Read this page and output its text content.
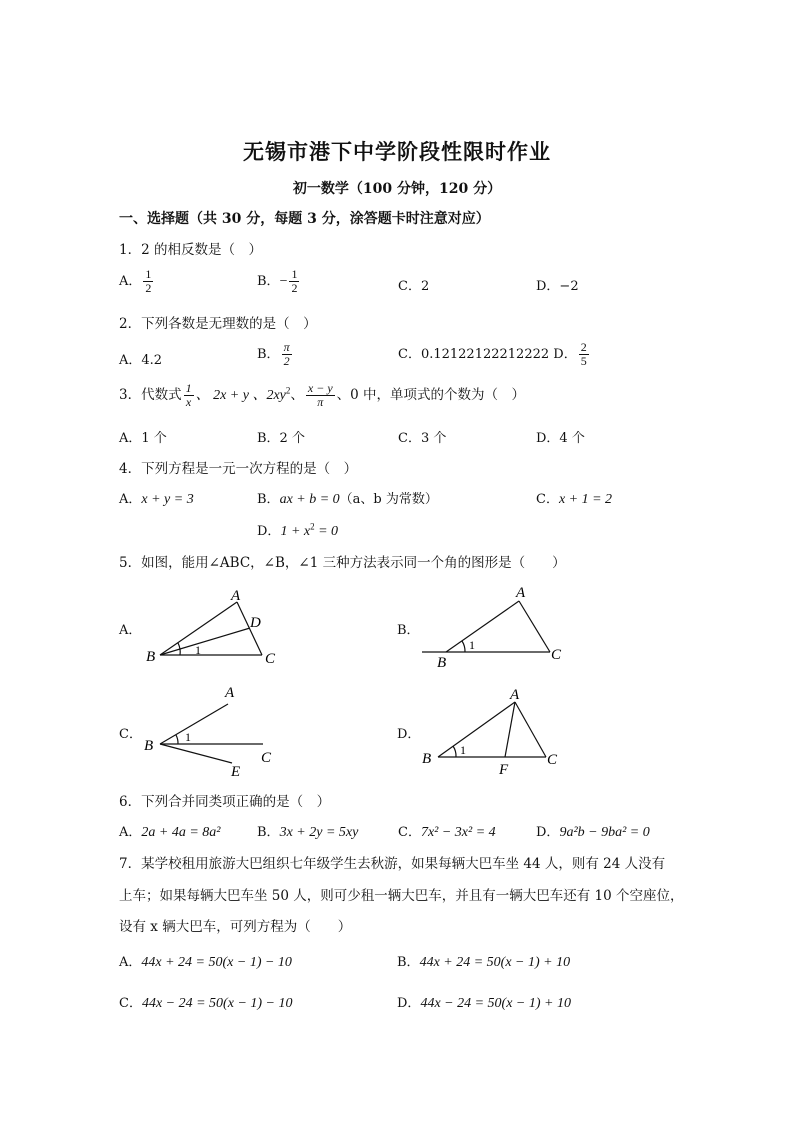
无锡市港下中学阶段性限时作业
初一数学（100 分钟，120 分）
一、选择题（共 30 分，每题 3 分，涂答题卡时注意对应）
1．2 的相反数是（　）
A． $\frac{1}{2}$	B．− $\frac{1}{2}$	C．2	D．−2
2．下列各数是无理数的是（　）
A．4.2	B． $\frac{\pi}{2}$	C．0.12122122212222 D． $\frac{2}{5}$
3．代数式 $\frac{1}{x}$ 、 2x + y 、$2xy^2$、 $\frac{x - y}{\pi}$ 、0 中，单项式的个数为（　）
A．1 个	B．2 个	C．3 个	D．4 个
4．下列方程是一元一次方程的是（　）
A．x + y = 3	B．ax + b = 0（a、b 为常数）	C．x + 1 = 2
D．$1 + x^2 = 0$
5．如图，能用∠ABC，∠B，∠1 三种方法表示同一个角的图形是（　　）
A．	B．
C．	D．
B
A
D
C
1
B
A
C
1
B
A
C
E
1
B
A
C
F
1
6．下列合并同类项正确的是（　）
A．2a + 4a = 8a²	B．3x + 2y = 5xy	C．7x² − 3x² = 4	D．9a²b − 9ba² = 0
7．某学校租用旅游大巴组织七年级学生去秋游，如果每辆大巴车坐 44 人，则有 24 人没有
上车；如果每辆大巴车坐 50 人，则可少租一辆大巴车，并且有一辆大巴车还有 10 个空座位，
设有 x 辆大巴车，可列方程为（　　）
A．44x + 24 = 50(x − 1) − 10	B．44x + 24 = 50(x − 1) + 10
C．44x − 24 = 50(x − 1) − 10	D．44x − 24 = 50(x − 1) + 10
